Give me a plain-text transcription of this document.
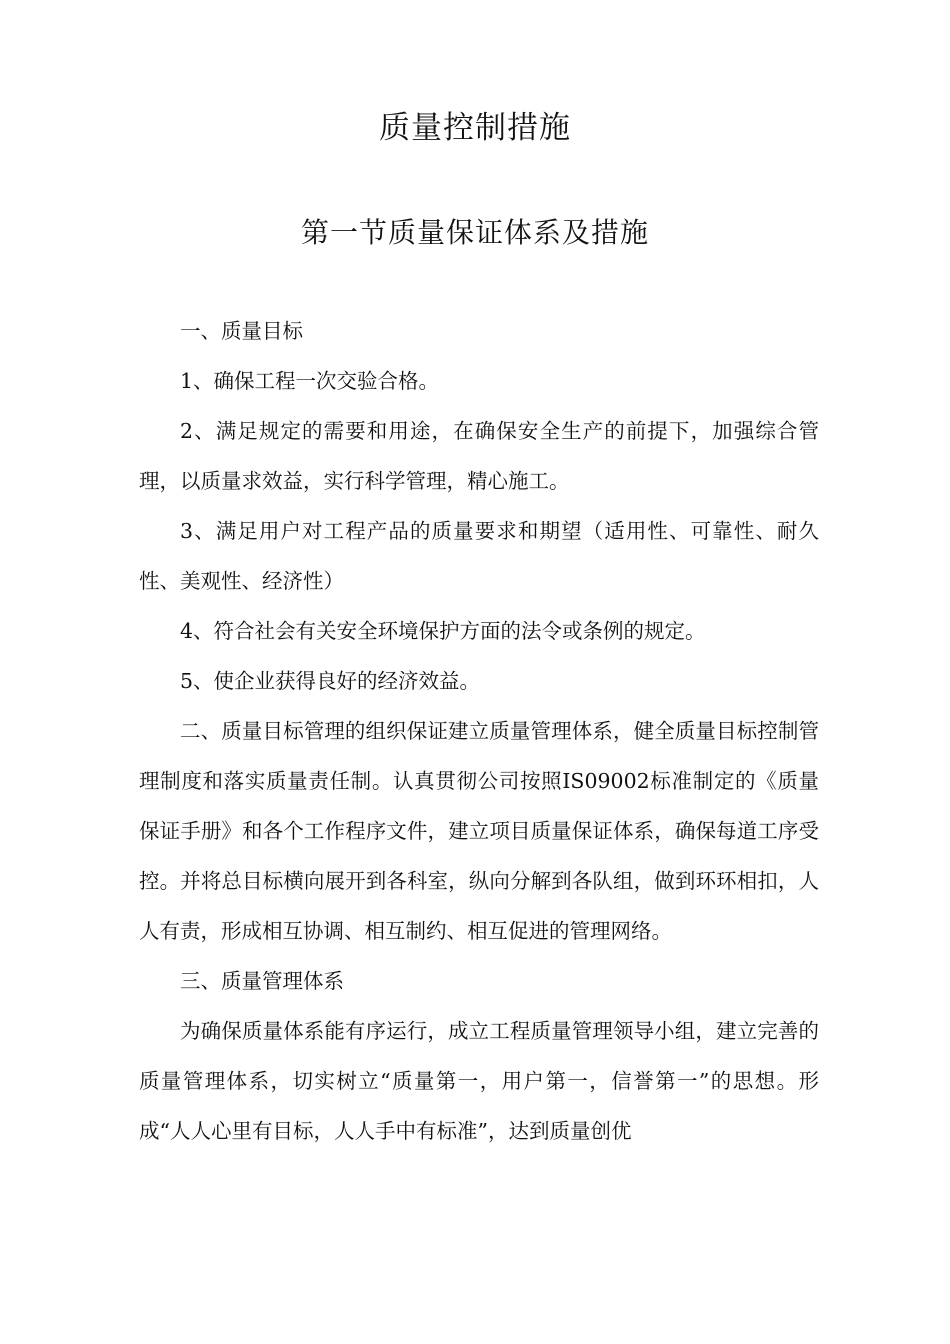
质量控制措施
第一节质量保证体系及措施

一、质量目标

1、确保工程一次交验合格。

2、满足规定的需要和用途，在确保安全生产的前提下，加强综合管理，以质量求效益，实行科学管理，精心施工。

3、满足用户对工程产品的质量要求和期望（适用性、可靠性、耐久性、美观性、经济性）

4、符合社会有关安全环境保护方面的法令或条例的规定。

5、使企业获得良好的经济效益。

二、质量目标管理的组织保证建立质量管理体系，健全质量目标控制管理制度和落实质量责任制。认真贯彻公司按照IS09002标准制定的《质量保证手册》和各个工作程序文件，建立项目质量保证体系，确保每道工序受控。并将总目标横向展开到各科室，纵向分解到各队组，做到环环相扣，人人有责，形成相互协调、相互制约、相互促进的管理网络。

三、质量管理体系

为确保质量体系能有序运行，成立工程质量管理领导小组，建立完善的质量管理体系，切实树立“质量第一，用户第一，信誉第一”的思想。形成“人人心里有目标，人人手中有标准”，达到质量创优
